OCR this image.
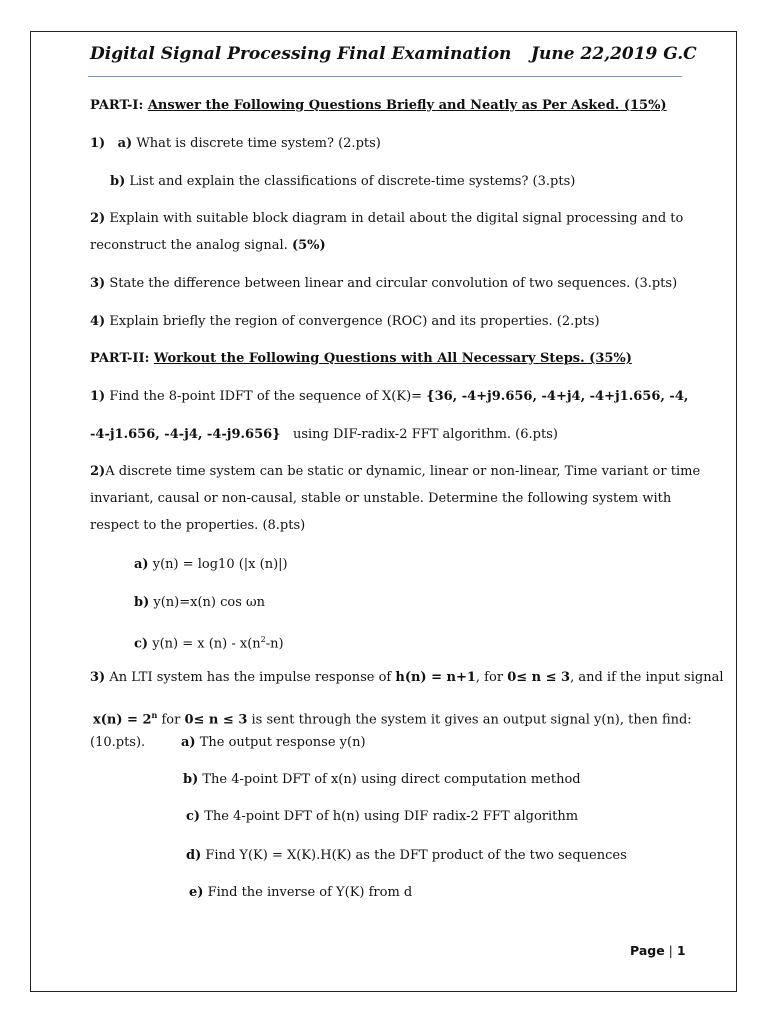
Digital Signal Processing Final Examination June 22,2019 G.C
PART-I: Answer the Following Questions Briefly and Neatly as Per Asked. (15%)
1) a) What is discrete time system? (2.pts)
b) List and explain the classifications of discrete-time systems? (3.pts)
2) Explain with suitable block diagram in detail about the digital signal processing and to
reconstruct the analog signal. (5%)
3) State the difference between linear and circular convolution of two sequences. (3.pts)
4) Explain briefly the region of convergence (ROC) and its properties. (2.pts)
PART-II: Workout the Following Questions with All Necessary Steps. (35%)
1) Find the 8-point IDFT of the sequence of X(K)= {36, -4+j9.656, -4+j4, -4+j1.656, -4,
-4-j1.656, -4-j4, -4-j9.656} using DIF-radix-2 FFT algorithm. (6.pts)
2)A discrete time system can be static or dynamic, linear or non-linear, Time variant or time
invariant, causal or non-causal, stable or unstable. Determine the following system with
respect to the properties. (8.pts)
a) y(n) = log10 (|x (n)|)
b) y(n)=x(n) cos ωn
c) y(n) = x $(n) - x(n^2-n)$
3) An LTI system has the impulse response of h(n) = n+1, for 0≤ n ≤ 3, and if the input signal
$x(n) = 2^n$ for 0≤ n ≤ 3 is sent through the system it gives an output signal y(n), then find:
(10.pts).	a) The output response y(n)
b) The 4-point DFT of x(n) using direct computation method
c) The 4-point DFT of h(n) using DIF radix-2 FFT algorithm
d) Find Y(K) = X(K).H(K) as the DFT product of the two sequences
e) Find the inverse of Y(K) from d
Page | 1
